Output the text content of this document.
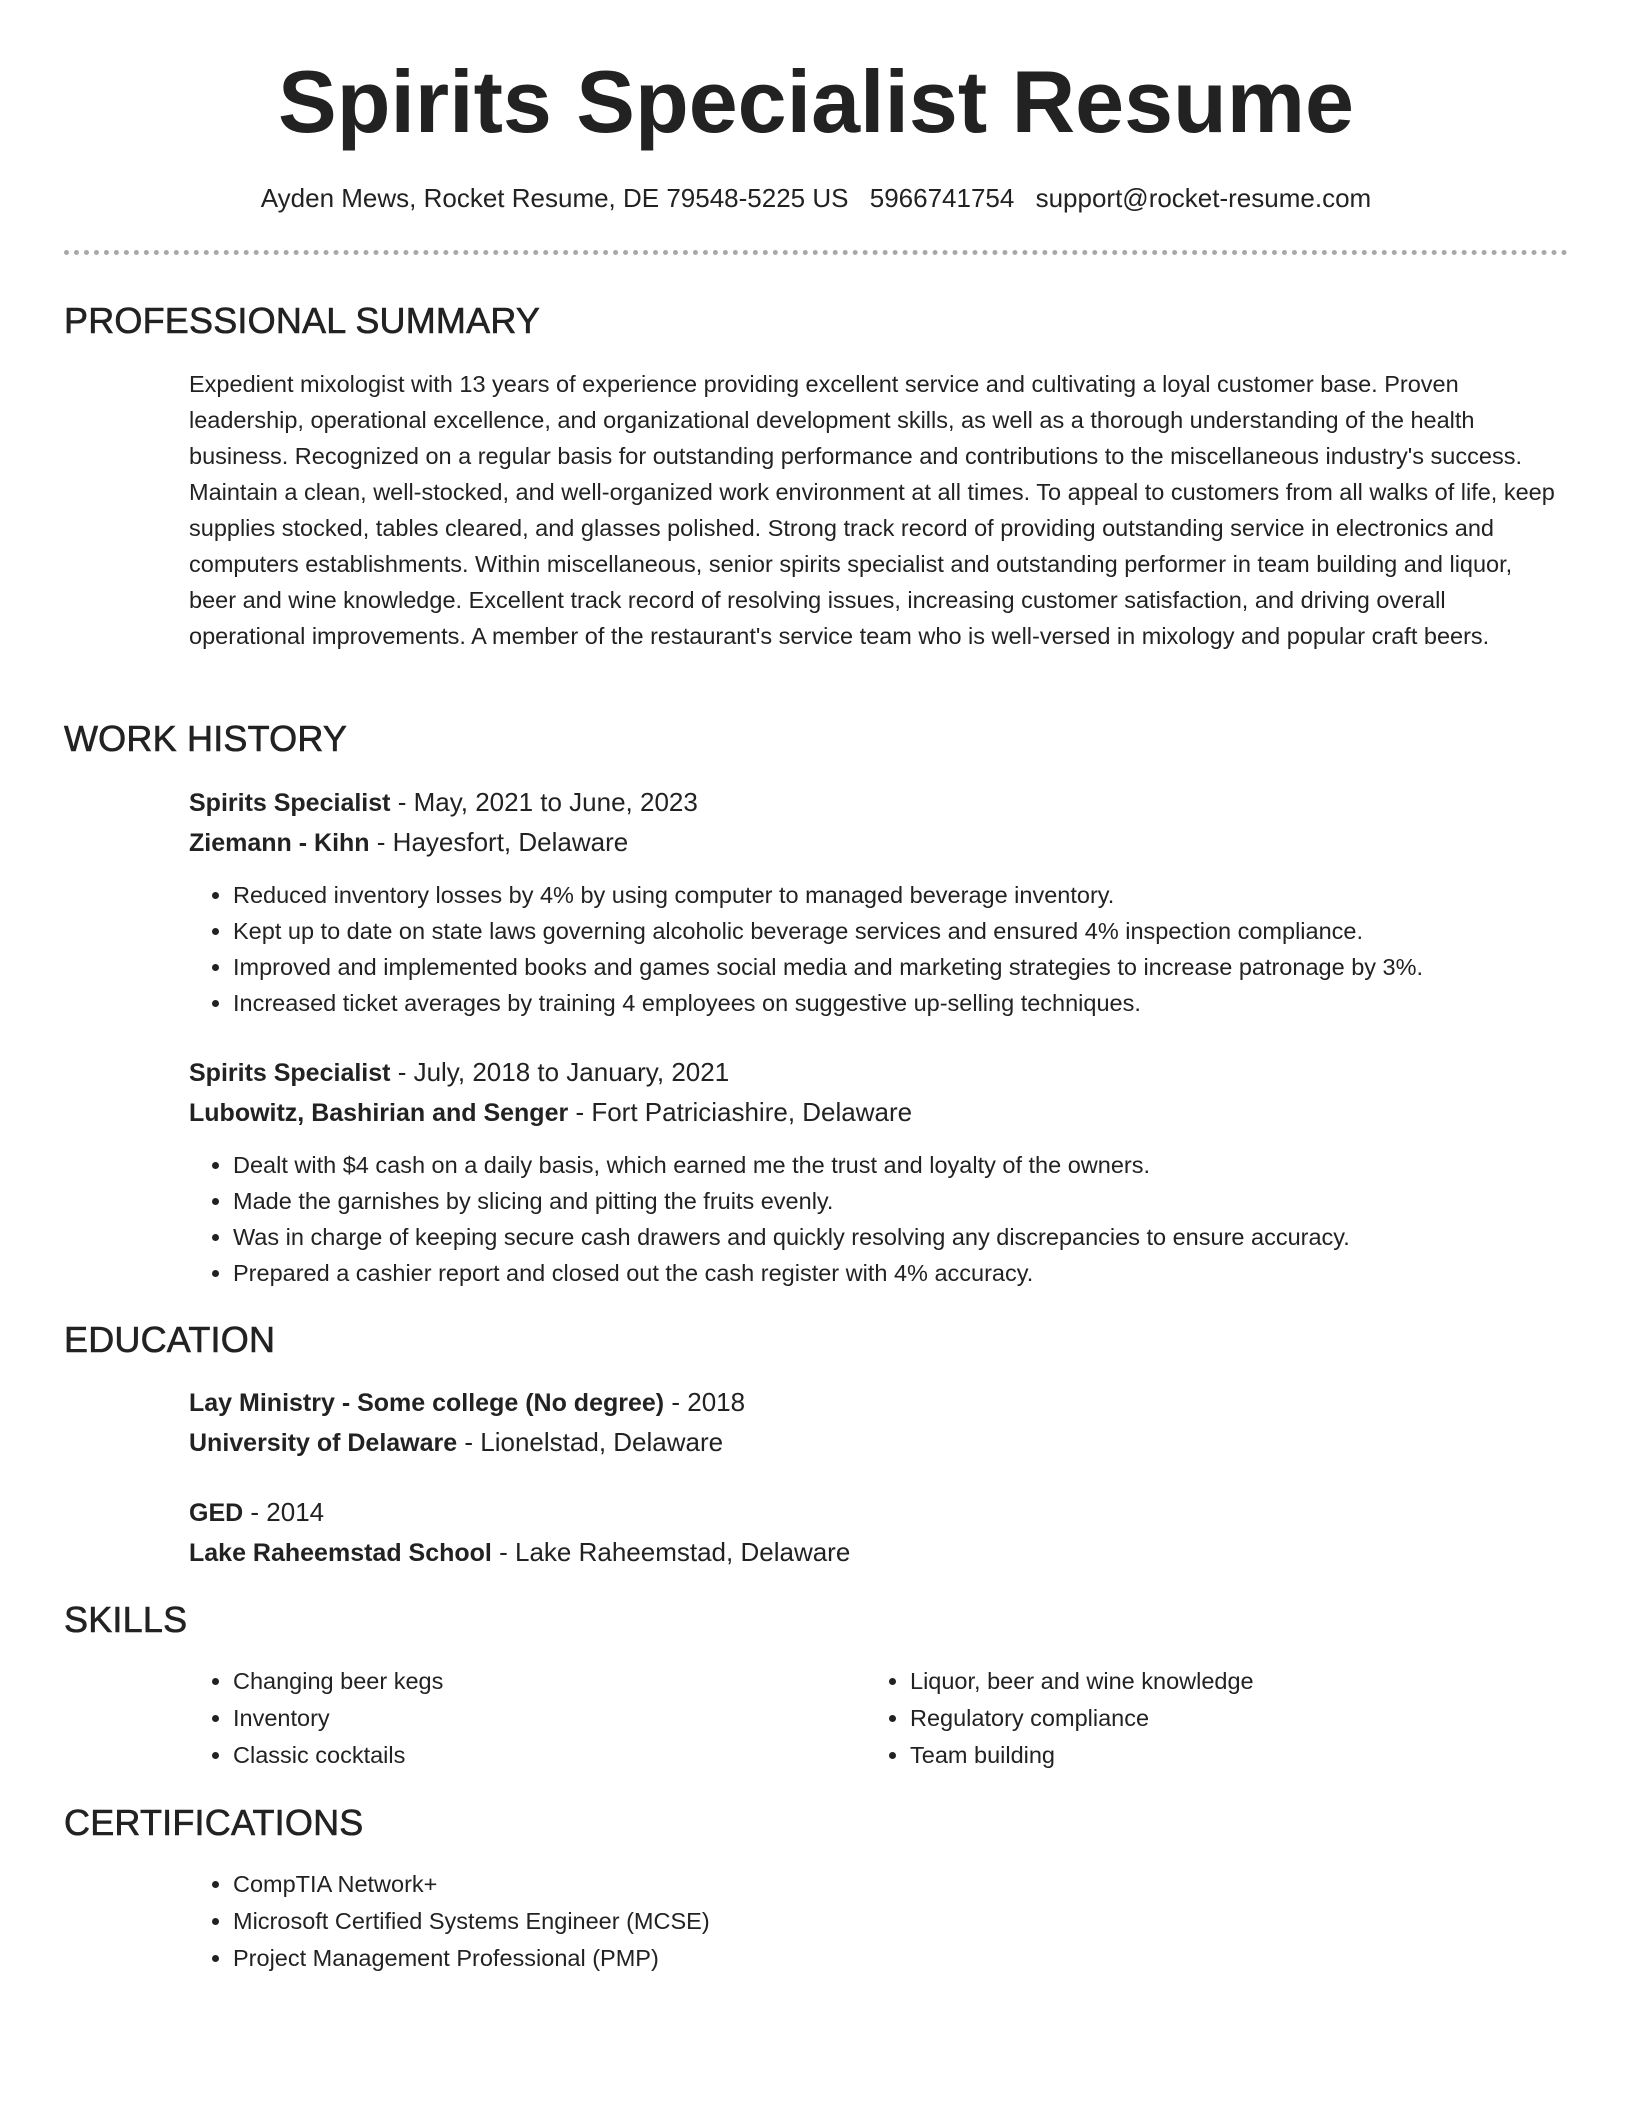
Spirits Specialist Resume
Ayden Mews, Rocket Resume, DE 79548-5225 US 5966741754 support@rocket-resume.com
PROFESSIONAL SUMMARY

Expedient mixologist with 13 years of experience providing excellent service and cultivating a loyal customer base. Proven leadership, operational excellence, and organizational development skills, as well as a thorough understanding of the health business. Recognized on a regular basis for outstanding performance and contributions to the miscellaneous industry's success. Maintain a clean, well-stocked, and well-organized work environment at all times. To appeal to customers from all walks of life, keep supplies stocked, tables cleared, and glasses polished. Strong track record of providing outstanding service in electronics and computers establishments. Within miscellaneous, senior spirits specialist and outstanding performer in team building and liquor, beer and wine knowledge. Excellent track record of resolving issues, increasing customer satisfaction, and driving overall operational improvements. A member of the restaurant's service team who is well-versed in mixology and popular craft beers.

WORK HISTORY
Spirits Specialist - May, 2021 to June, 2023
Ziemann - Kihn - Hayesfort, Delaware
• Reduced inventory losses by 4% by using computer to managed beverage inventory.
• Kept up to date on state laws governing alcoholic beverage services and ensured 4% inspection compliance.
• Improved and implemented books and games social media and marketing strategies to increase patronage by 3%.
• Increased ticket averages by training 4 employees on suggestive up-selling techniques.
Spirits Specialist - July, 2018 to January, 2021
Lubowitz, Bashirian and Senger - Fort Patriciashire, Delaware
• Dealt with $4 cash on a daily basis, which earned me the trust and loyalty of the owners.
• Made the garnishes by slicing and pitting the fruits evenly.
• Was in charge of keeping secure cash drawers and quickly resolving any discrepancies to ensure accuracy.
• Prepared a cashier report and closed out the cash register with 4% accuracy.
EDUCATION
Lay Ministry - Some college (No degree) - 2018
University of Delaware - Lionelstad, Delaware
GED - 2014
Lake Raheemstad School - Lake Raheemstad, Delaware
SKILLS
• Changing beer kegs
• Inventory
• Classic cocktails
• Liquor, beer and wine knowledge
• Regulatory compliance
• Team building
CERTIFICATIONS
• CompTIA Network+
• Microsoft Certified Systems Engineer (MCSE)
• Project Management Professional (PMP)
